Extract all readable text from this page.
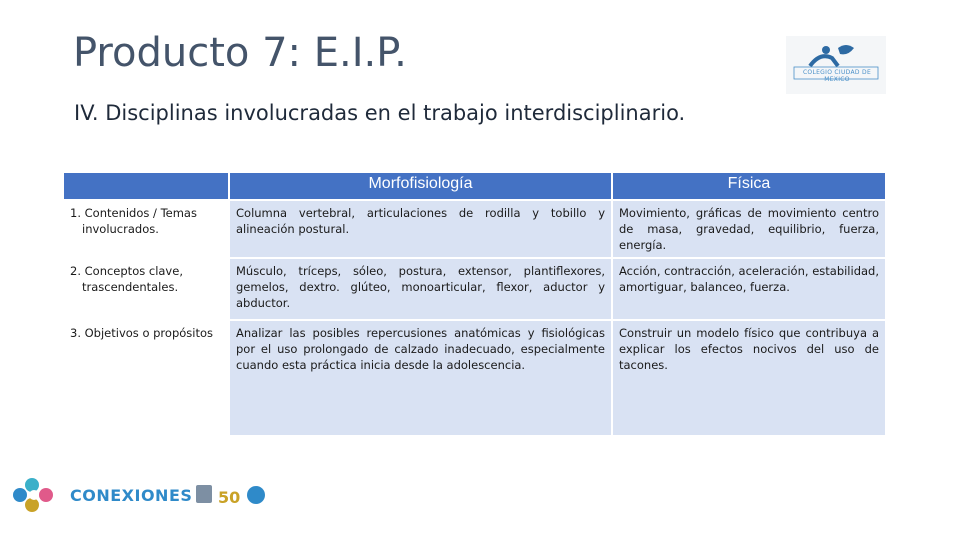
Producto 7: E.I.P.	COLEGIO CIUDAD DE MEXICO
IV. Disciplinas involucradas en el trabajo interdisciplinario.
	Morfofisiología	Física
1. Contenidos / Temas
involucrados.	Columna vertebral, articulaciones de rodilla y tobillo y alineación postural.	Movimiento, gráficas de movimiento centro de masa, gravedad, equilibrio, fuerza, energía.
2. Conceptos clave,
trascendentales.	Músculo, tríceps, sóleo, postura, extensor, plantiflexores, gemelos, dextro. glúteo, monoarticular, flexor, aductor y abductor.	Acción, contracción, aceleración, estabilidad, amortiguar, balanceo, fuerza.
3. Objetivos o propósitos	Analizar las posibles repercusiones anatómicas y fisiológicas por el uso prolongado de calzado inadecuado, especialmente cuando esta práctica inicia desde la adolescencia.	Construir un modelo físico que contribuya a explicar los efectos nocivos del uso de tacones.
50
CONEXIONES
